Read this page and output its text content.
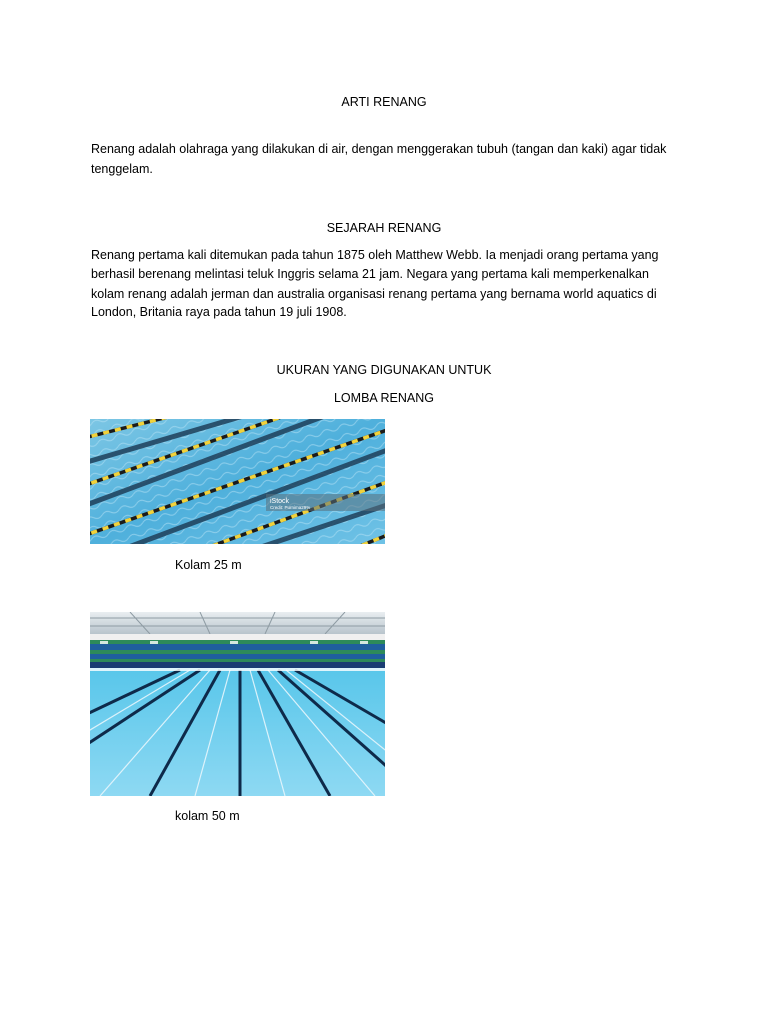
ARTI RENANG
Renang adalah olahraga yang dilakukan di air, dengan menggerakan tubuh (tangan dan kaki) agar tidak
tenggelam.
SEJARAH RENANG
Renang pertama kali ditemukan pada tahun 1875 oleh Matthew Webb. Ia menjadi orang pertama yang
berhasil berenang melintasi teluk Inggris selama 21 jam. Negara yang pertama kali memperkenalkan
kolam renang adalah jerman dan australia organisasi renang pertama yang bernama world aquatics di
London, Britania raya pada tahun 19 juli 1908.
UKURAN YANG DIGUNAKAN UNTUK
LOMBA RENANG
iStock
Credit: Purnima29%
Kolam 25 m
kolam 50 m
